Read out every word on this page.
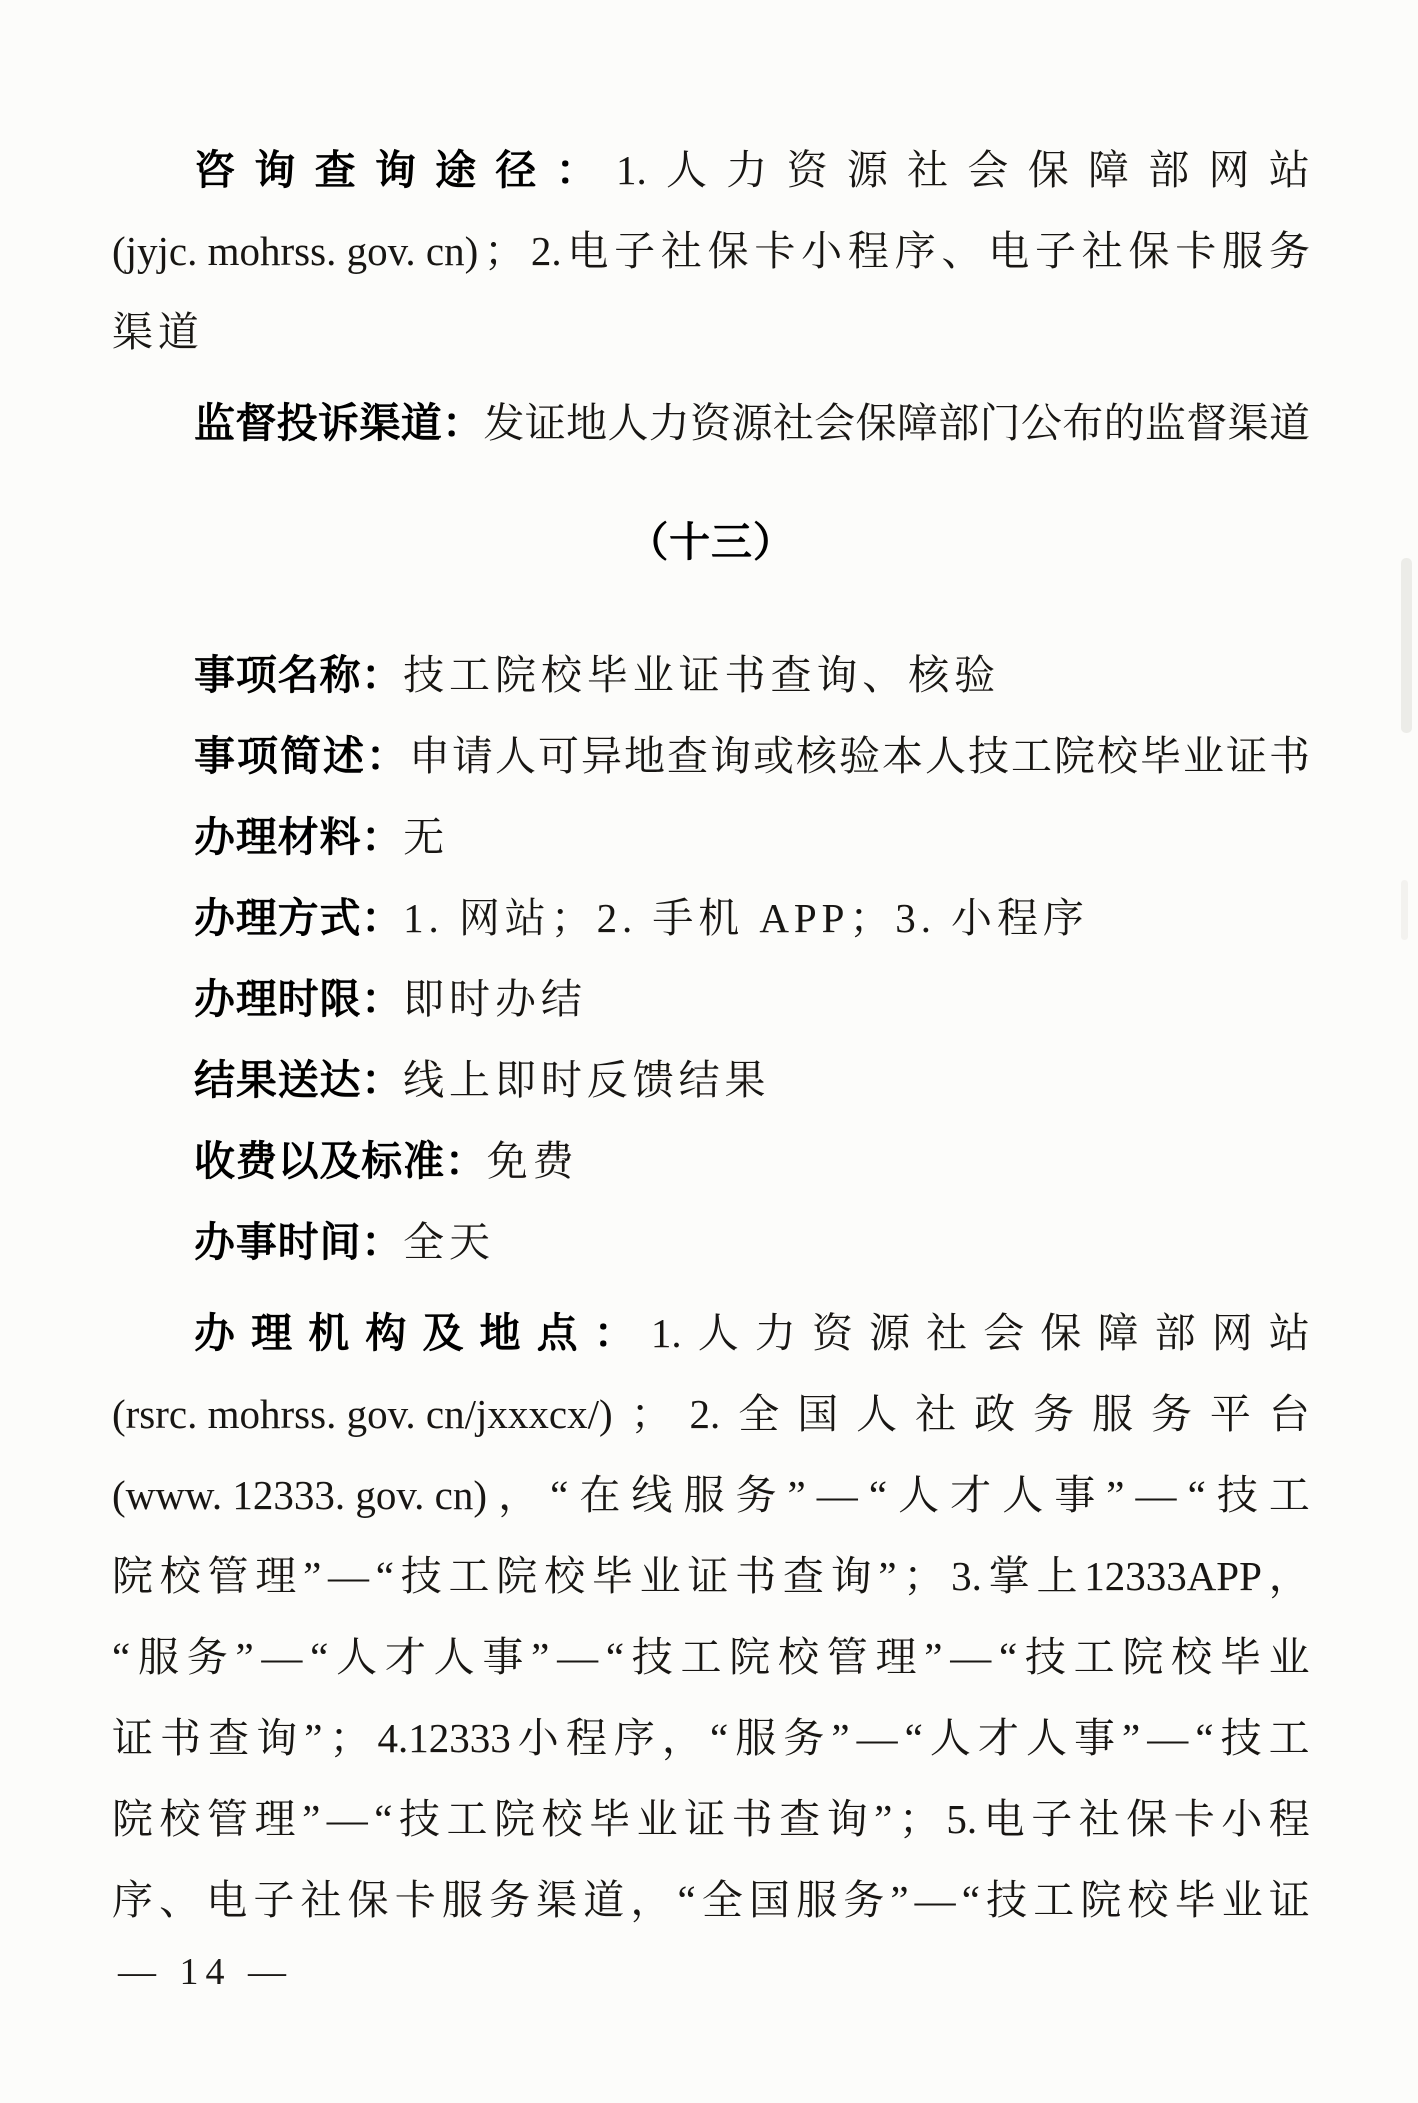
咨 询 查 询 途 径 ： 1. 人 力 资 源 社 会 保 障 部 网 站
(jyjc. mohrss. gov. cn) ； 2. 电 子 社 保 卡 小 程 序 、 电 子 社 保 卡 服 务
渠道
监 督 投 诉 渠 道 ： 发 证 地 人 力 资 源 社 会 保 障 部 门 公 布 的 监 督 渠 道
（十三）
事项名称：技工院校毕业证书查询、核验
事 项 简 述 ： 申 请 人 可 异 地 查 询 或 核 验 本 人 技 工 院 校 毕 业 证 书
办理材料：无
办理方式：1. 网站；2. 手机 APP；3. 小程序
办理时限：即时办结
结果送达：线上即时反馈结果
收费以及标准：免费
办事时间：全天
办 理 机 构 及 地 点 ： 1. 人 力 资 源 社 会 保 障 部 网 站
(rsrc. mohrss. gov. cn/jxxxcx/) ； 2. 全 国 人 社 政 务 服 务 平 台
(www. 12333. gov. cn) ， “ 在 线 服 务 ” — “ 人 才 人 事 ” — “ 技 工
院 校 管 理 ” — “ 技 工 院 校 毕 业 证 书 查 询 ” ； 3. 掌 上 12333APP ，
“ 服 务 ” — “ 人 才 人 事 ” — “ 技 工 院 校 管 理 ” — “ 技 工 院 校 毕 业
证 书 查 询 ” ； 4.12333 小 程 序 ， “ 服 务 ” — “ 人 才 人 事 ” — “ 技 工
院 校 管 理 ” — “ 技 工 院 校 毕 业 证 书 查 询 ” ； 5. 电 子 社 保 卡 小 程
序 、 电 子 社 保 卡 服 务 渠 道 ， “ 全 国 服 务 ” — “ 技 工 院 校 毕 业 证
— 14 —
